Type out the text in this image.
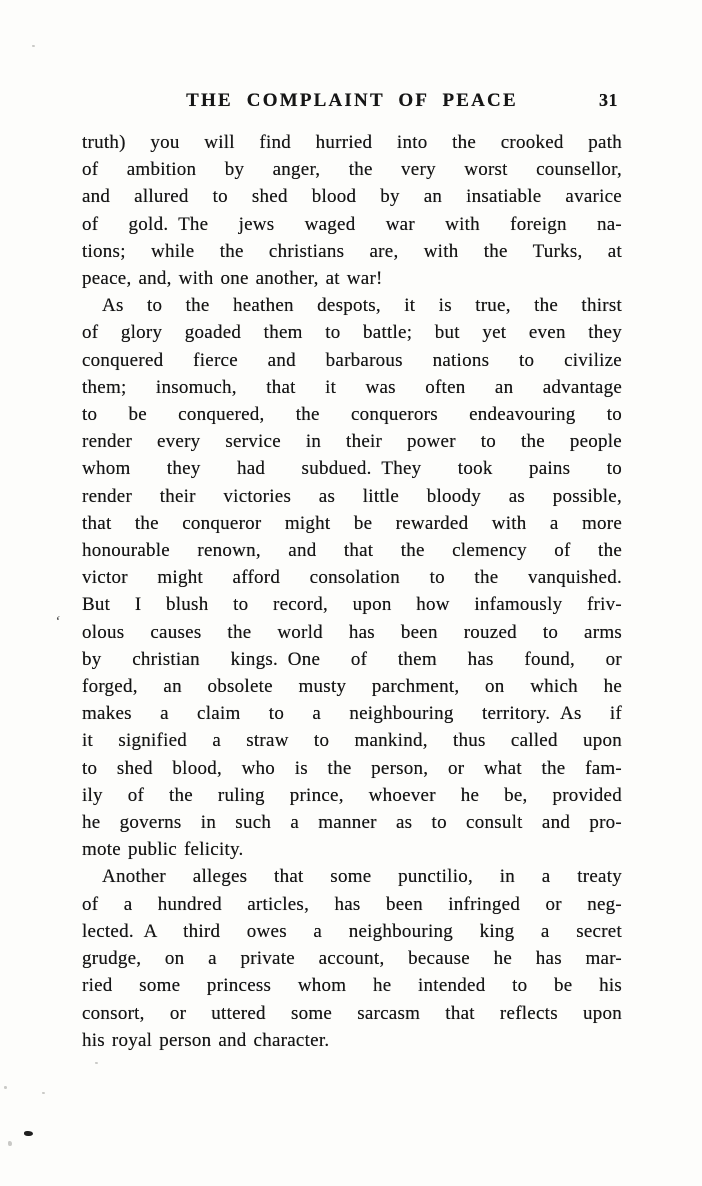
THE COMPLAINT OF PEACE	31
truth) you will find hurried into the crooked path
of ambition by anger, the very worst counsellor,
and allured to shed blood by an insatiable avarice
of gold. The jews waged war with foreign na-
tions; while the christians are, with the Turks, at
peace, and, with one another, at war!
As to the heathen despots, it is true, the thirst
of glory goaded them to battle; but yet even they
conquered fierce and barbarous nations to civilize
them; insomuch, that it was often an advantage
to be conquered, the conquerors endeavouring to
render every service in their power to the people
whom they had subdued. They took pains to
render their victories as little bloody as possible,
that the conqueror might be rewarded with a more
honourable renown, and that the clemency of the
victor might afford consolation to the vanquished.
But I blush to record, upon how infamously friv-
olous causes the world has been rouzed to arms
by christian kings. One of them has found, or
forged, an obsolete musty parchment, on which he
makes a claim to a neighbouring territory. As if
it signified a straw to mankind, thus called upon
to shed blood, who is the person, or what the fam-
ily of the ruling prince, whoever he be, provided
he governs in such a manner as to consult and pro-
mote public felicity.
Another alleges that some punctilio, in a treaty
of a hundred articles, has been infringed or neg-
lected. A third owes a neighbouring king a secret
grudge, on a private account, because he has mar-
ried some princess whom he intended to be his
consort, or uttered some sarcasm that reflects upon
his royal person and character.
‘
